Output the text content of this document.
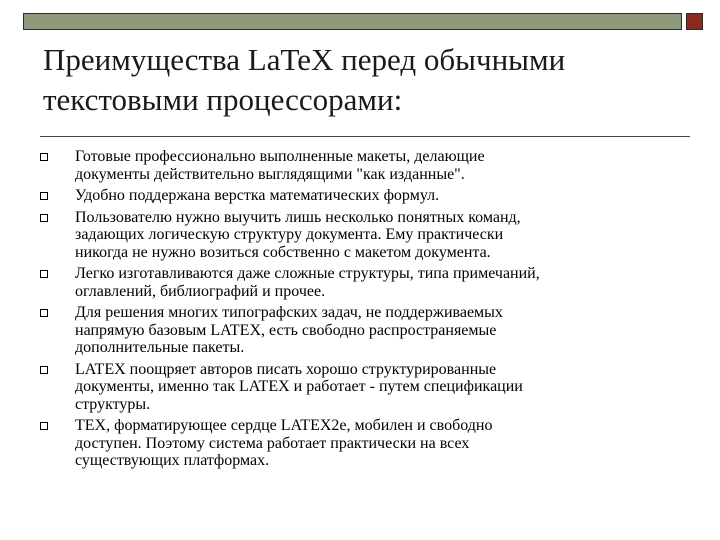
Преимущества LaTeX перед обычными
текстовыми процессорами:
Готовые профессионально выполненные макеты, делающие
документы действительно выглядящими "как изданные".
Удобно поддержана верстка математических формул.
Пользователю нужно выучить лишь несколько понятных команд,
задающих логическую структуру документа. Ему практически
никогда не нужно возиться собственно с макетом документа.
Легко изготавливаются даже сложные структуры, типа примечаний,
оглавлений, библиографий и прочее.
Для решения многих типографских задач, не поддерживаемых
напрямую базовым LATEX, есть свободно распространяемые
дополнительные пакеты.
LATEX поощряет авторов писать хорошо структурированные
документы, именно так LATEX и работает - путем спецификации
структуры.
TEX, форматирующее сердце LATEX2e, мобилен и свободно
доступен. Поэтому система работает практически на всех
существующих платформах.
